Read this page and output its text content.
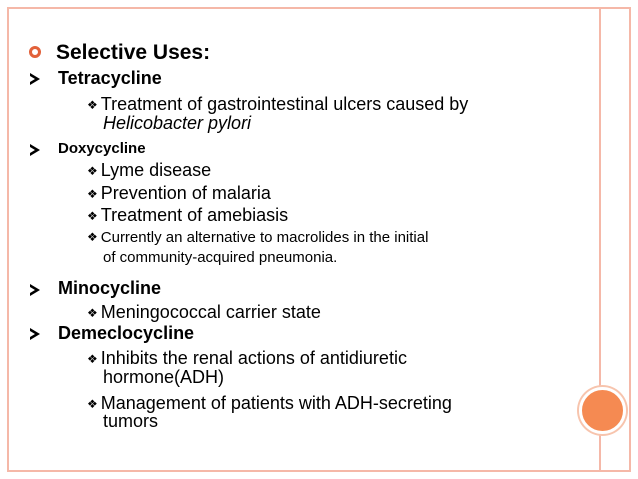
Selective Uses:
Tetracycline
❖ Treatment of gastrointestinal ulcers caused by
Helicobacter pylori
Doxycycline
❖ Lyme disease
❖ Prevention of malaria
❖ Treatment of amebiasis
❖ Currently an alternative to macrolides in the initial
of community-acquired pneumonia.
Minocycline
❖ Meningococcal carrier state
Demeclocycline
❖ Inhibits the renal actions of antidiuretic
hormone(ADH)
❖ Management of patients with ADH-secreting
tumors
